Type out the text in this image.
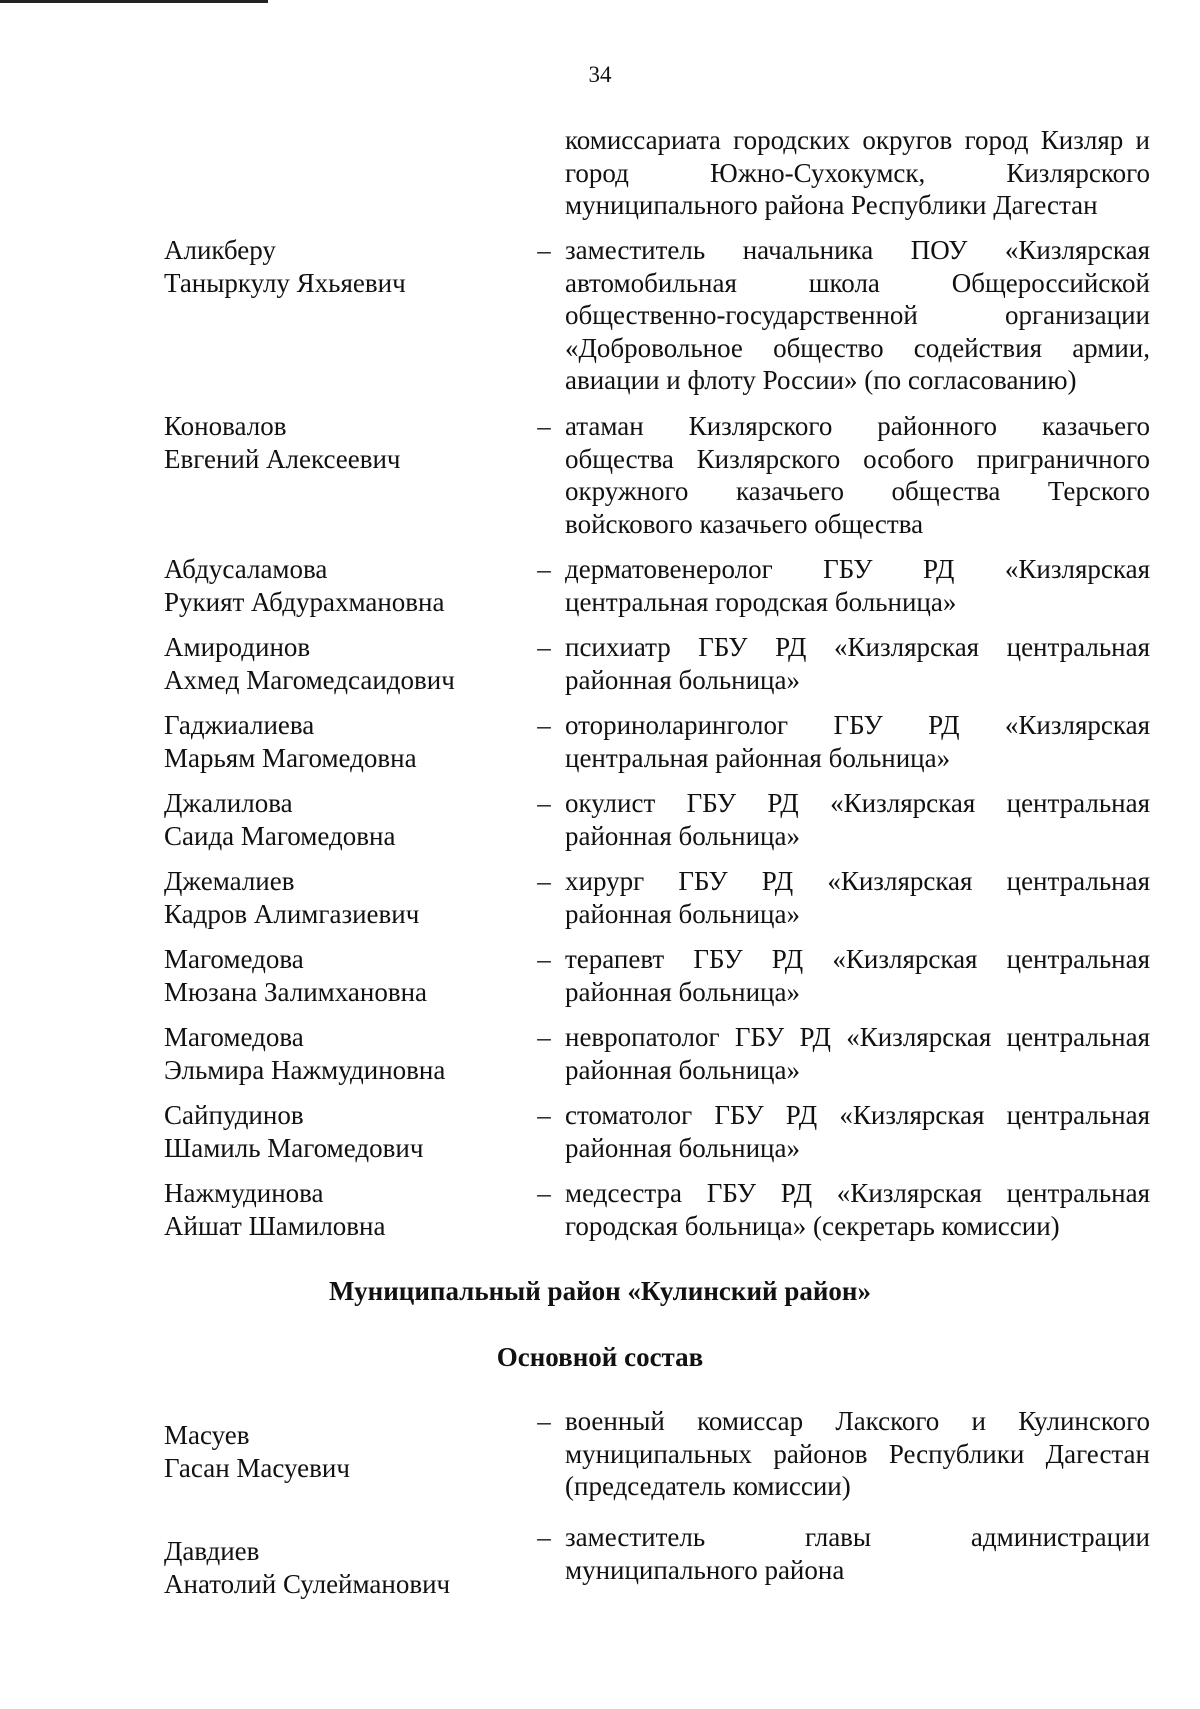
34
комиссариата городских округов город Кизляр и город Южно-Сухокумск, Кизлярского муниципального района Республики Дагестан
Аликберу
Таныркулу Яхьяевич
– заместитель начальника ПОУ «Кизлярская автомобильная школа Общероссийской общественно-государственной организации «Добровольное общество содействия армии, авиации и флоту России» (по согласованию)
Коновалов
Евгений Алексеевич
– атаман Кизлярского районного казачьего общества Кизлярского особого приграничного окружного казачьего общества Терского войскового казачьего общества
Абдусаламова
Рукият Абдурахмановна
– дерматовенеролог ГБУ РД «Кизлярская центральная городская больница»
Амиродинов
Ахмед Магомедсаидович
– психиатр ГБУ РД «Кизлярская центральная районная больница»
Гаджиалиева
Марьям Магомедовна
– оториноларинголог ГБУ РД «Кизлярская центральная районная больница»
Джалилова
Саида Магомедовна
– окулист ГБУ РД «Кизлярская центральная районная больница»
Джемалиев
Кадров Алимгазиевич
– хирург ГБУ РД «Кизлярская центральная районная больница»
Магомедова
Мюзана Залимхановна
– терапевт ГБУ РД «Кизлярская центральная районная больница»
Магомедова
Эльмира Нажмудиновна
– невропатолог ГБУ РД «Кизлярская центральная районная больница»
Сайпудинов
Шамиль Магомедович
– стоматолог ГБУ РД «Кизлярская центральная районная больница»
Нажмудинова
Айшат Шамиловна
– медсестра ГБУ РД «Кизлярская центральная городская больница» (секретарь комиссии)
Муниципальный район «Кулинский район»
Основной состав
Масуев
Гасан Масуевич
– военный комиссар Лакского и Кулинского муниципальных районов Республики Дагестан (председатель комиссии)
Давдиев
Анатолий Сулейманович
– заместитель главы администрации муниципального района
